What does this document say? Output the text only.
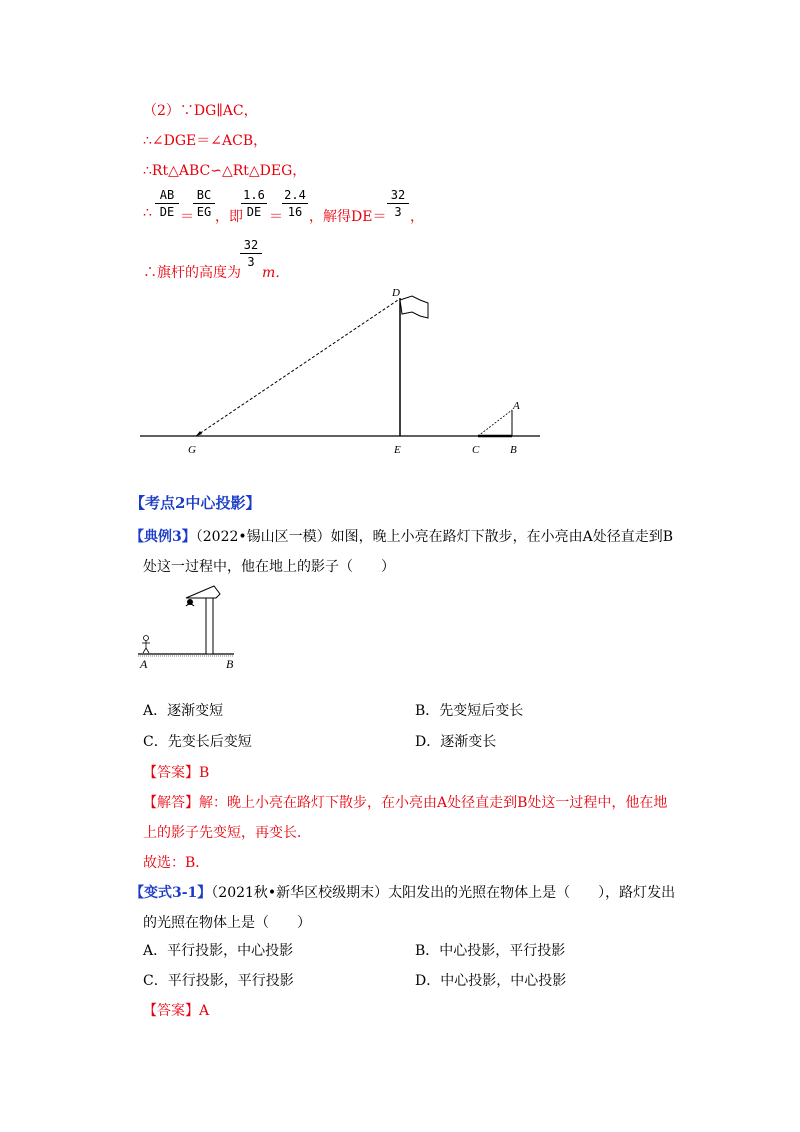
（2）∵DG∥AC，
∴∠DGE＝∠ACB，
∴Rt△ABC∽△Rt△DEG，
∴
AB
DE ＝
BC
EG ，即
1.6
DE ＝
2.4
16 ，解得DE＝
32
3 ，
∴旗杆的高度为
32
3
m．
D
G	E	C	B
A
【考点2中心投影】
【典例3】（2022•锡山区一模）如图，晚上小亮在路灯下散步，在小亮由A处径直走到B
处这一过程中，他在地上的影子（　　）
A	B
A．逐渐变短	B．先变短后变长
C．先变长后变短	D．逐渐变长
【答案】B
【解答】解：晚上小亮在路灯下散步，在小亮由A处径直走到B处这一过程中，他在地
上的影子先变短，再变长．
故选：B．
【变式3-1】（2021秋•新华区校级期末）太阳发出的光照在物体上是（　　），路灯发出
的光照在物体上是（　　）
A．平行投影，中心投影	B．中心投影，平行投影
C．平行投影，平行投影	D．中心投影，中心投影
【答案】A
